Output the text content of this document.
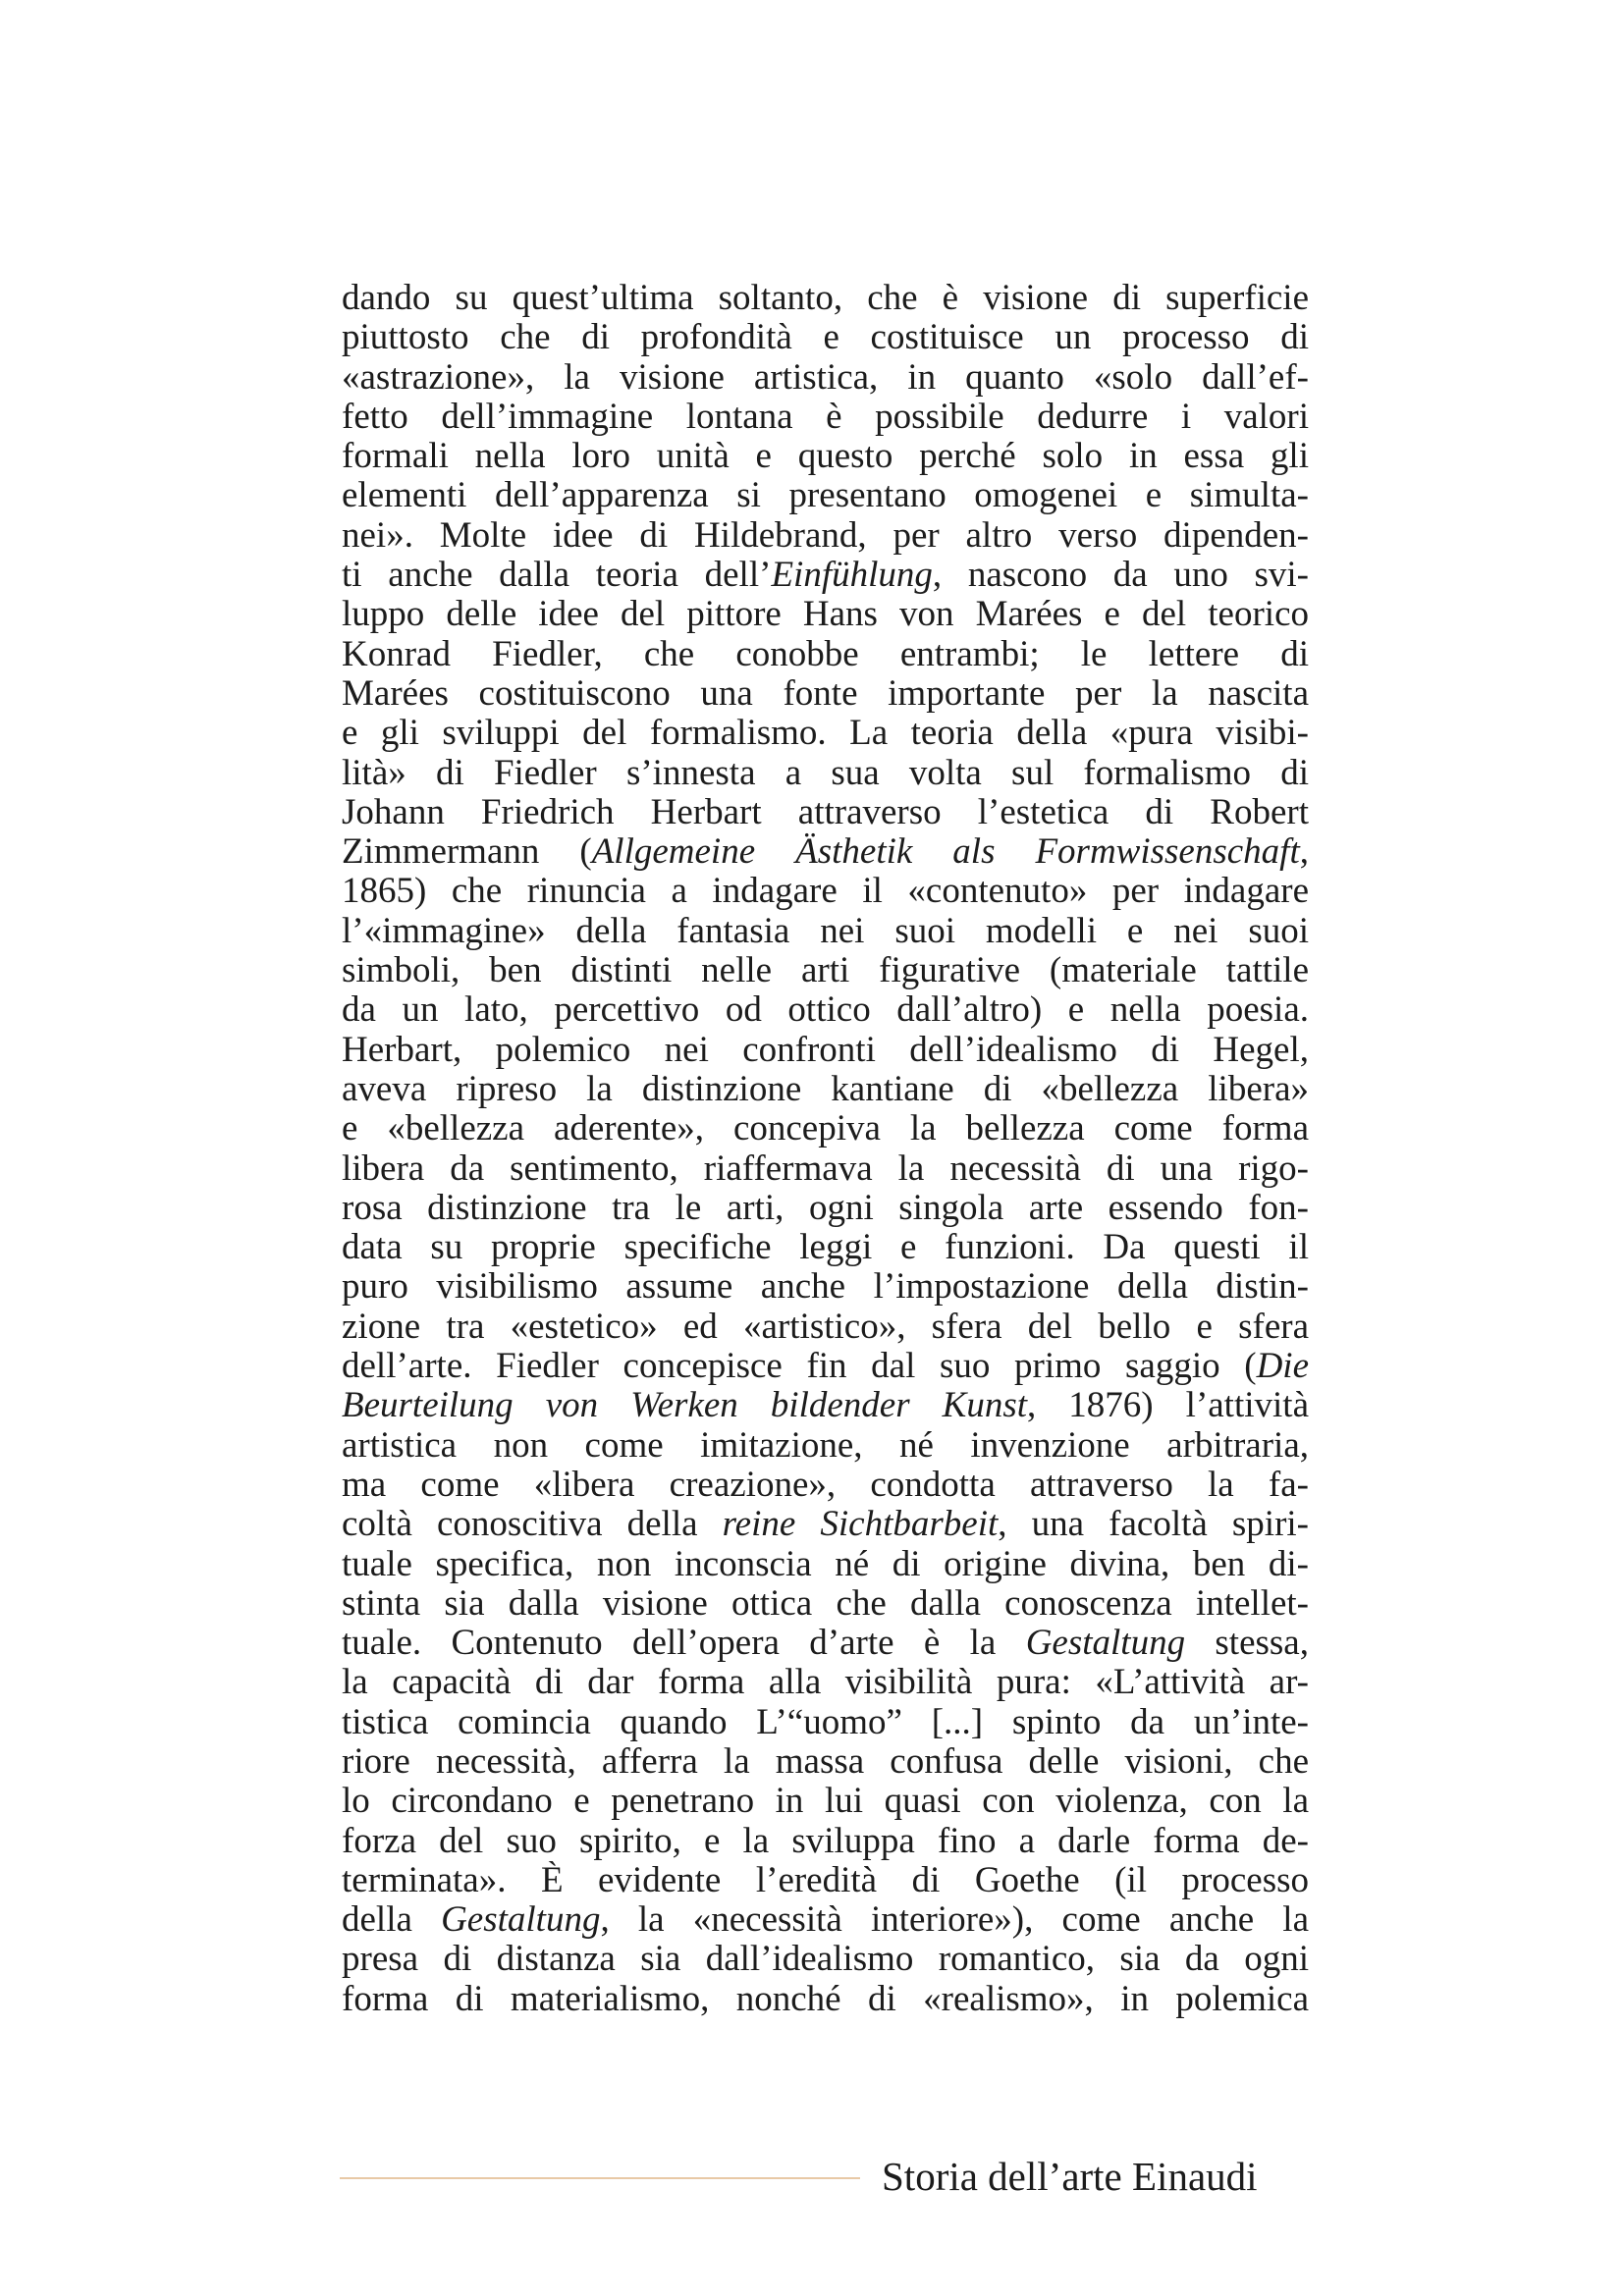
dando su quest’ultima soltanto, che è visione di superficie
piuttosto che di profondità e costituisce un processo di
«astrazione», la visione artistica, in quanto «solo dall’ef-
fetto dell’immagine lontana è possibile dedurre i valori
formali nella loro unità e questo perché solo in essa gli
elementi dell’apparenza si presentano omogenei e simulta-
nei». Molte idee di Hildebrand, per altro verso dipenden-
ti anche dalla teoria dell’Einfühlung, nascono da uno svi-
luppo delle idee del pittore Hans von Marées e del teorico
Konrad Fiedler, che conobbe entrambi; le lettere di
Marées costituiscono una fonte importante per la nascita
e gli sviluppi del formalismo. La teoria della «pura visibi-
lità» di Fiedler s’innesta a sua volta sul formalismo di
Johann Friedrich Herbart attraverso l’estetica di Robert
Zimmermann (Allgemeine Ästhetik als Formwissenschaft,
1865) che rinuncia a indagare il «contenuto» per indagare
l’«immagine» della fantasia nei suoi modelli e nei suoi
simboli, ben distinti nelle arti figurative (materiale tattile
da un lato, percettivo od ottico dall’altro) e nella poesia.
Herbart, polemico nei confronti dell’idealismo di Hegel,
aveva ripreso la distinzione kantiane di «bellezza libera»
e «bellezza aderente», concepiva la bellezza come forma
libera da sentimento, riaffermava la necessità di una rigo-
rosa distinzione tra le arti, ogni singola arte essendo fon-
data su proprie specifiche leggi e funzioni. Da questi il
puro visibilismo assume anche l’impostazione della distin-
zione tra «estetico» ed «artistico», sfera del bello e sfera
dell’arte. Fiedler concepisce fin dal suo primo saggio (Die
Beurteilung von Werken bildender Kunst, 1876) l’attività
artistica non come imitazione, né invenzione arbitraria,
ma come «libera creazione», condotta attraverso la fa-
coltà conoscitiva della reine Sichtbarbeit, una facoltà spiri-
tuale specifica, non inconscia né di origine divina, ben di-
stinta sia dalla visione ottica che dalla conoscenza intellet-
tuale. Contenuto dell’opera d’arte è la Gestaltung stessa,
la capacità di dar forma alla visibilità pura: «L’attività ar-
tistica comincia quando L’“uomo” [...] spinto da un’inte-
riore necessità, afferra la massa confusa delle visioni, che
lo circondano e penetrano in lui quasi con violenza, con la
forza del suo spirito, e la sviluppa fino a darle forma de-
terminata». È evidente l’eredità di Goethe (il processo
della Gestaltung, la «necessità interiore»), come anche la
presa di distanza sia dall’idealismo romantico, sia da ogni
forma di materialismo, nonché di «realismo», in polemica
Storia dell’arte Einaudi
